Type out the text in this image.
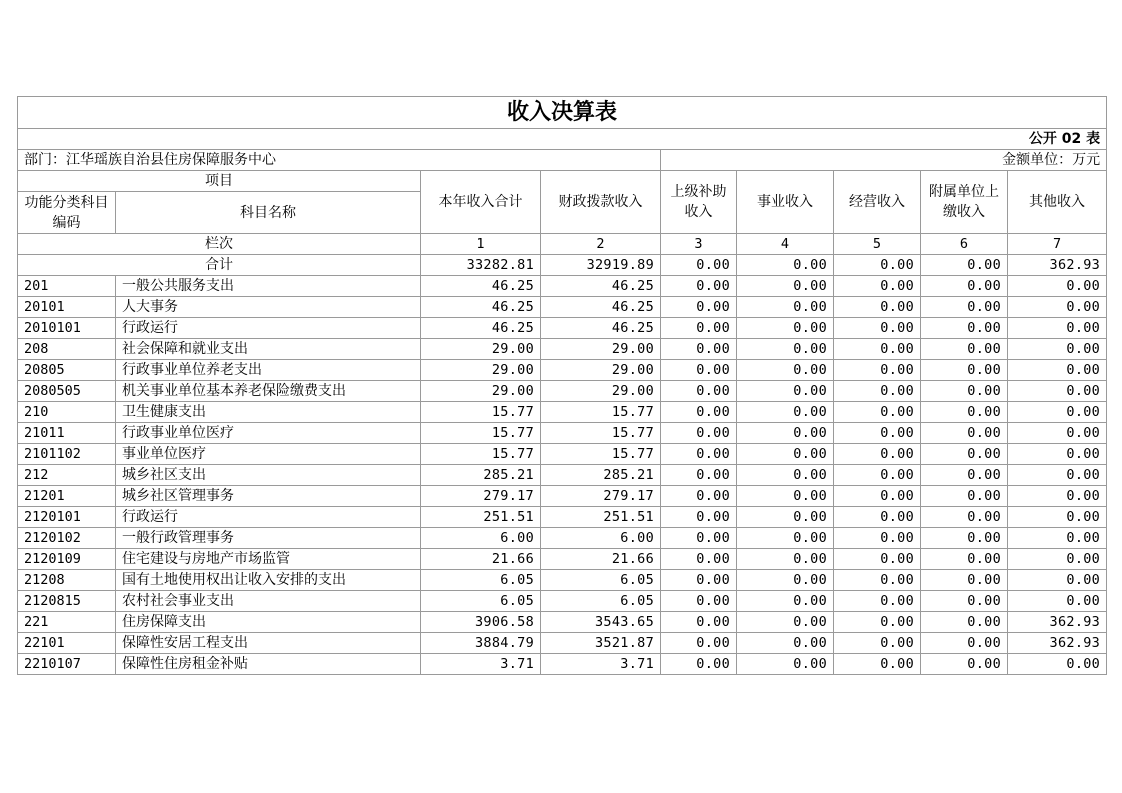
收入决算表								
公开 02 表								
部门：江华瑶族自治县住房保障服务中心				金额单位：万元				
项目		本年收入合计	财政拨款收入	上级补助收入	事业收入	经营收入	附属单位上缴收入	其他收入
功能分类科目编码	科目名称							
栏次		1	2	3	4	5	6	7
合计		33282.81	32919.89	0.00	0.00	0.00	0.00	362.93
201	一般公共服务支出	46.25	46.25	0.00	0.00	0.00	0.00	0.00
20101	人大事务	46.25	46.25	0.00	0.00	0.00	0.00	0.00
2010101	行政运行	46.25	46.25	0.00	0.00	0.00	0.00	0.00
208	社会保障和就业支出	29.00	29.00	0.00	0.00	0.00	0.00	0.00
20805	行政事业单位养老支出	29.00	29.00	0.00	0.00	0.00	0.00	0.00
2080505	机关事业单位基本养老保险缴费支出	29.00	29.00	0.00	0.00	0.00	0.00	0.00
210	卫生健康支出	15.77	15.77	0.00	0.00	0.00	0.00	0.00
21011	行政事业单位医疗	15.77	15.77	0.00	0.00	0.00	0.00	0.00
2101102	事业单位医疗	15.77	15.77	0.00	0.00	0.00	0.00	0.00
212	城乡社区支出	285.21	285.21	0.00	0.00	0.00	0.00	0.00
21201	城乡社区管理事务	279.17	279.17	0.00	0.00	0.00	0.00	0.00
2120101	行政运行	251.51	251.51	0.00	0.00	0.00	0.00	0.00
2120102	一般行政管理事务	6.00	6.00	0.00	0.00	0.00	0.00	0.00
2120109	住宅建设与房地产市场监管	21.66	21.66	0.00	0.00	0.00	0.00	0.00
21208	国有土地使用权出让收入安排的支出	6.05	6.05	0.00	0.00	0.00	0.00	0.00
2120815	农村社会事业支出	6.05	6.05	0.00	0.00	0.00	0.00	0.00
221	住房保障支出	3906.58	3543.65	0.00	0.00	0.00	0.00	362.93
22101	保障性安居工程支出	3884.79	3521.87	0.00	0.00	0.00	0.00	362.93
2210107	保障性住房租金补贴	3.71	3.71	0.00	0.00	0.00	0.00	0.00
